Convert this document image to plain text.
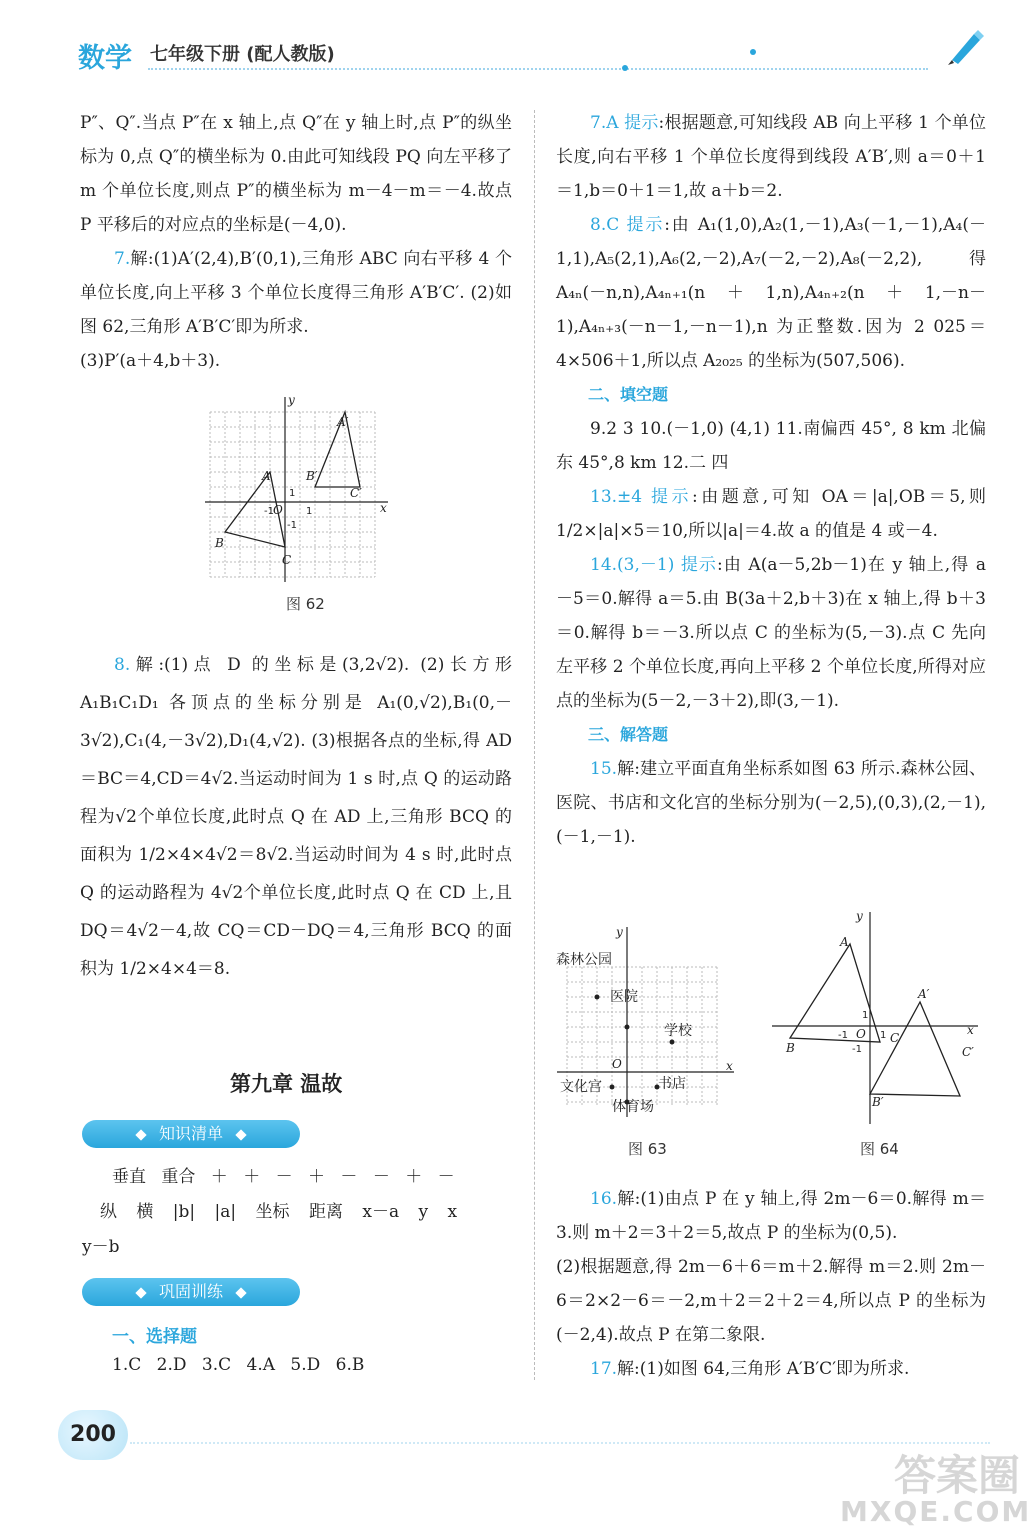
数学 七年级下册 (配人教版)

P″、Q″.当点 P″在 x 轴上,点 Q″在 y 轴上时,点 P″的纵坐标为 0,点 Q″的横坐标为 0.由此可知线段 PQ 向左平移了 m 个单位长度,则点 P″的横坐标为 m－4－m＝－4.故点 P 平移后的对应点的坐标是(－4,0).

7.解:(1)A′(2,4),B′(0,1),三角形 ABC 向右平移 4 个单位长度,向上平移 3 个单位长度得三角形 A′B′C′. (2)如图 62,三角形 A′B′C′即为所求.

(3)P′(a＋4,b＋3).

y
x
O
A′
B′
C′
A
B
C
1
1
-1
-1
图 62

8.解:(1)点 D 的坐标是(3,2√2). (2)长方形 A₁B₁C₁D₁ 各顶点的坐标分别是 A₁(0,√2),B₁(0,－3√2),C₁(4,－3√2),D₁(4,√2). (3)根据各点的坐标,得 AD＝BC＝4,CD＝4√2.当运动时间为 1 s 时,点 Q 的运动路程为√2个单位长度,此时点 Q 在 AD 上,三角形 BCQ 的面积为 1/2×4×4√2＝8√2.当运动时间为 4 s 时,此时点 Q 的运动路程为 4√2个单位长度,此时点 Q 在 CD 上,且 DQ＝4√2－4,故 CQ＝CD－DQ＝4,三角形 BCQ 的面积为 1/2×4×4＝8.

第九章 温故
知识清单
垂直 重合 ＋ ＋ － ＋ － － ＋ －
纵 横 |b| |a| 坐标 距离 x－a y x
y－b
巩固训练
一、选择题
1.C 2.D 3.C 4.A 5.D 6.B

7.A 提示:根据题意,可知线段 AB 向上平移 1 个单位长度,向右平移 1 个单位长度得到线段 A′B′,则 a＝0＋1＝1,b＝0＋1＝1,故 a＋b＝2.

8.C 提示:由 A₁(1,0),A₂(1,－1),A₃(－1,－1),A₄(－1,1),A₅(2,1),A₆(2,－2),A₇(－2,－2),A₈(－2,2),得 A₄ₙ(－n,n),A₄ₙ₊₁(n＋1,n),A₄ₙ₊₂(n＋1,－n－1),A₄ₙ₊₃(－n－1,－n－1),n 为正整数.因为 2 025＝4×506＋1,所以点 A₂₀₂₅ 的坐标为(507,506).

二、填空题

9.2 3 10.(－1,0) (4,1) 11.南偏西 45°, 8 km 北偏东 45°,8 km 12.二 四

13.±4 提示:由题意,可知 OA＝|a|,OB＝5,则 1/2×|a|×5＝10,所以|a|＝4.故 a 的值是 4 或－4.

14.(3,－1) 提示:由 A(a－5,2b－1)在 y 轴上,得 a－5＝0.解得 a＝5.由 B(3a＋2,b＋3)在 x 轴上,得 b＋3＝0.解得 b＝－3.所以点 C 的坐标为(5,－3).点 C 先向左平移 2 个单位长度,再向上平移 2 个单位长度,所得对应点的坐标为(5－2,－3＋2),即(3,－1).

三、解答题

15.解:建立平面直角坐标系如图 63 所示.森林公园、医院、书店和文化宫的坐标分别为(－2,5),(0,3),(2,－1),(－1,－1).

森林公园
医院
学校
文化宫	书店
体育场
y
x
O
图 63
y
x
O
A
B
C
A′
B′
C′
1
1
-1
-1
图 64

16.解:(1)由点 P 在 y 轴上,得 2m－6＝0.解得 m＝3.则 m＋2＝3＋2＝5,故点 P 的坐标为(0,5).

(2)根据题意,得 2m－6＋6＝m＋2.解得 m＝2.则 2m－6＝2×2－6＝－2,m＋2＝2＋2＝4,所以点 P 的坐标为(－2,4).故点 P 在第二象限.

17.解:(1)如图 64,三角形 A′B′C′即为所求.

200
答案圈
MXQE.COM
